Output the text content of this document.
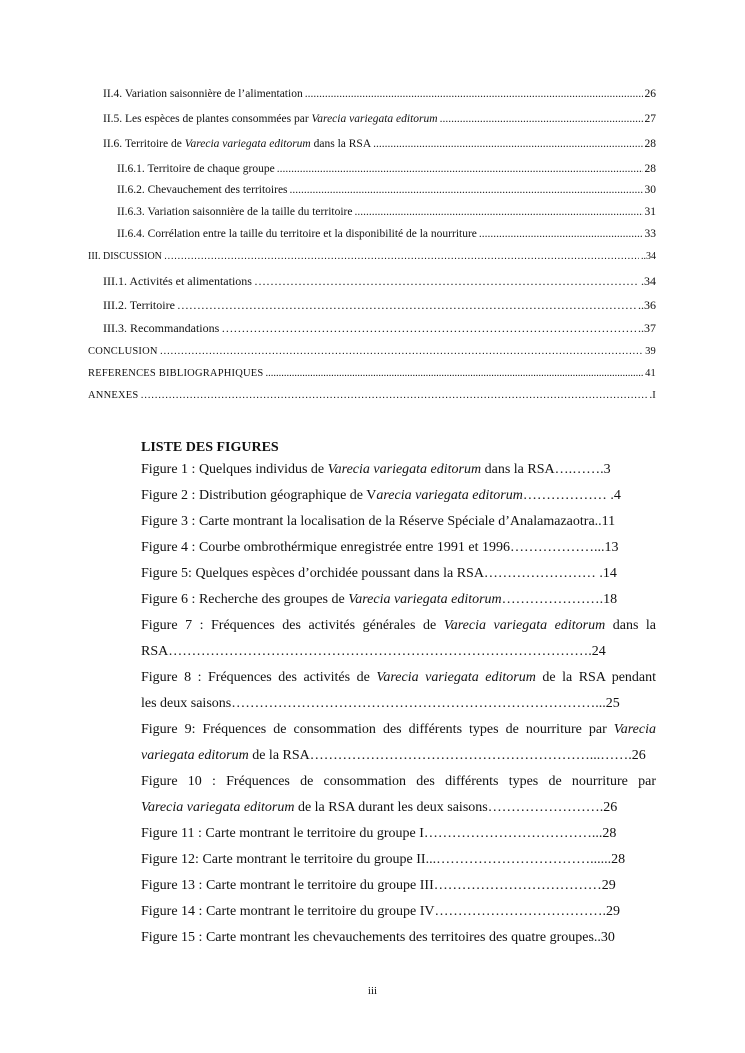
II.4. Variation saisonnière de l’alimentation .....	26
II.5. Les espèces de plantes consommées par Varecia variegata editorum .....	27
II.6. Territoire de Varecia variegata editorum dans la RSA .....	28
II.6.1. Territoire de chaque groupe .....	28
II.6.2. Chevauchement des territoires .....	30
II.6.3. Variation saisonnière de la taille du territoire .....	31
II.6.4. Corrélation entre la taille du territoire et la disponibilité de la nourriture .....	33
III. DISCUSSION ………………………………………………………………………………………………………………………………………………………………………………………………	..34
III.1. Activités et alimentations ………………………………………………………………………………………………………………………………………………………………………………………………	.34
III.2. Territoire ………………………………………………………………………………………………………………………………………………………………………………………………	..36
III.3. Recommandations ………………………………………………………………………………………………………………………………………………………………………………………………	..37
CONCLUSION ………………………………………………………………………………………………………………………………………………………………………………………………	39
REFERENCES BIBLIOGRAPHIQUES .....	41
ANNEXES ………………………………………………………………………………………………………………………………………………………………………………………………	.I
LISTE DES FIGURES
Figure 1 : Quelques individus de Varecia variegata editorum dans la RSA….…….3
Figure 2 : Distribution géographique de Varecia variegata editorum……………… .4
Figure 3 : Carte montrant la localisation de la Réserve Spéciale d’Analamazaotra..11
Figure 4 : Courbe ombrothérmique enregistrée entre 1991 et 1996………………...13
Figure 5: Quelques espèces d’orchidée poussant dans la RSA…………………… .14
Figure 6 : Recherche des groupes de Varecia variegata editorum………………….18
Figure 7 : Fréquences des activités générales de Varecia variegata editorum dans la
RSA……………………………………………………………………………….24
Figure 8 : Fréquences des activités de Varecia variegata editorum de la RSA pendant
les deux saisons……………………………………………………………………...25
Figure 9: Fréquences de consommation des différents types de nourriture par Varecia
variegata editorum de la RSA……………………………………………………...…….26
Figure 10 : Fréquences de consommation des différents types de nourriture par
Varecia variegata editorum de la RSA durant les deux saisons…………………….26
Figure 11 : Carte montrant le territoire du groupe I………………………………...28
Figure 12: Carte montrant le territoire du groupe II...……………………………......28
Figure 13 : Carte montrant le territoire du groupe III………………………………29
Figure 14 : Carte montrant le territoire du groupe IV……………………………….29
Figure 15 : Carte montrant les chevauchements des territoires des quatre groupes..30
iii
